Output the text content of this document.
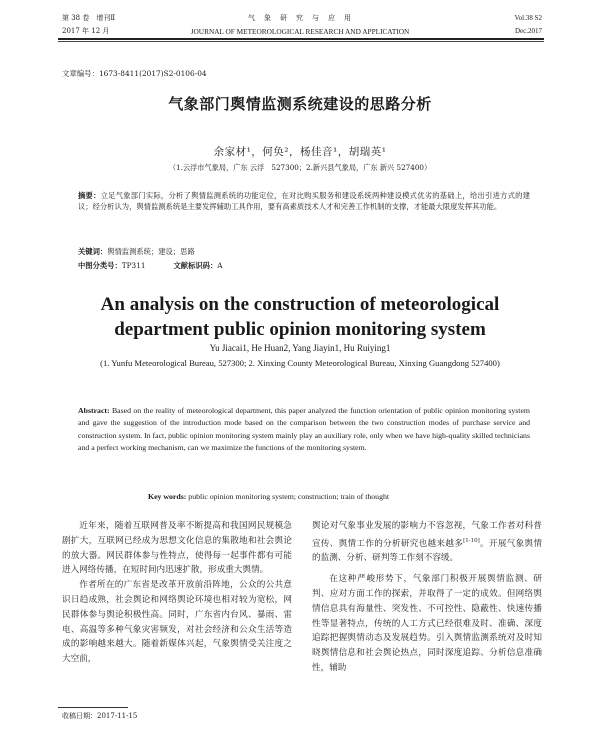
第 38 卷　增刊Ⅱ
2017 年 12 月
气　象　研　究　与　应　用
JOURNAL OF METEOROLOGICAL RESEARCH AND APPLICATION
Vol.38 S2
Dec.2017
文章编号：1673-8411(2017)S2-0106-04
气象部门舆情监测系统建设的思路分析
余家材¹，何奂²，杨佳音¹，胡瑞英¹
（1.云浮市气象局，广东 云浮　527300；2.新兴县气象局，广东 新兴 527400）
摘要：立足气象部门实际，分析了舆情监测系统的功能定位，在对比购买服务和建设系统两种建设模式优劣的基础上，给出引进方式的建议；经分析认为，舆情监测系统是主要发挥辅助工具作用，要有高素质技术人才和完善工作机制的支撑，才能最大限度发挥其功能。
关键词：舆情监测系统；建设；思路
中图分类号：TP311	文献标识码：A
An analysis on the construction of meteorological department public opinion monitoring system
Yu Jiacai1, He Huan2, Yang Jiayin1, Hu Ruiying1
(1. Yunfu Meteorological Bureau, 527300; 2. Xinxing County Meteorological Bureau, Xinxing Guangdong 527400)
Abstract: Based on the reality of meteorological department, this paper analyzed the function orientation of public opinion monitoring system and gave the suggestion of the introduction mode based on the comparison between the two construction modes of purchase service and construction system. In fact, public opinion monitoring system mainly play an auxiliary role, only when we have high-quality skilled technicians and a perfect working mechanism, can we maximize the functions of the monitoring system.
Key words: public opinion monitoring system; construction; train of thought

近年来，随着互联网普及率不断提高和我国网民规模急剧扩大，互联网已经成为思想文化信息的集散地和社会舆论的放大器。网民群体参与性特点，使得每一起事件都有可能进入网络传播，在短时间内迅速扩散，形成重大舆情。

作者所在的广东省是改革开放前沿阵地，公众的公共意识日趋成熟，社会舆论和网络舆论环境也相对较为宽松，网民群体参与舆论积极性高。同时，广东省内台风、暴雨、雷电、高温等多种气象灾害频发，对社会经济和公众生活等造成的影响越来越大。随着新媒体兴起，气象舆情受关注度之大空前，

舆论对气象事业发展的影响力不容忽视，气象工作者对科普宣传、舆情工作的分析研究也越来越多[1-10]。开展气象舆情的监测、分析、研判等工作刻不容缓。

在这种严峻形势下，气象部门积极开展舆情监测、研判、应对方面工作的探索，并取得了一定的成效。但网络舆情信息具有海量性、突发性、不可控性、隐蔽性、快速传播性等显著特点，传统的人工方式已经很难及时、准确、深度追踪把握舆情动态及发展趋势。引入舆情监测系统对及时知晓舆情信息和社会舆论热点，同时深度追踪、分析信息准确性，辅助

收稿日期：2017-11-15
